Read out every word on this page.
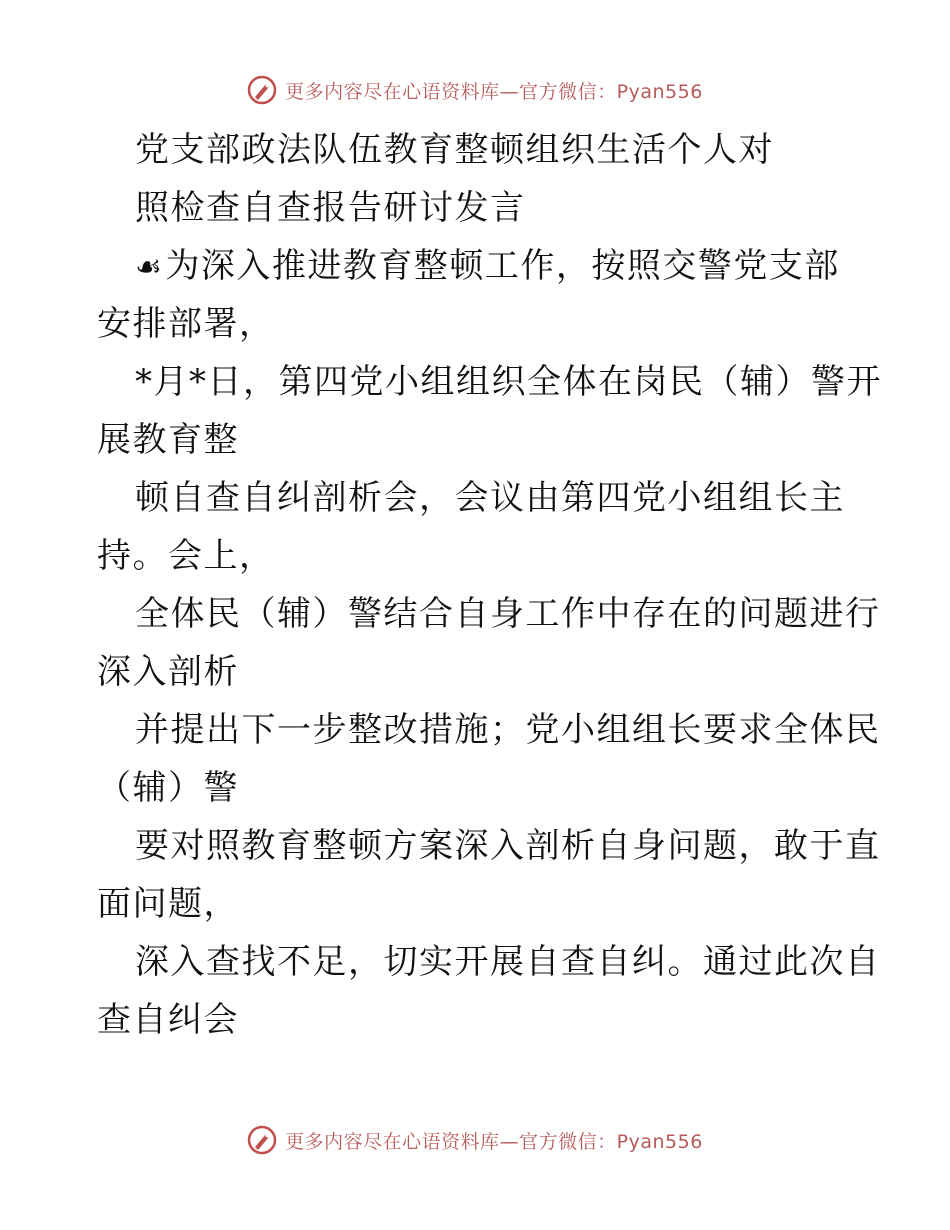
更多内容尽在心语资料库—官方微信：Pyan556
党支部政法队伍教育整顿组织生活个人对
照检查自查报告研讨发言
☙为深入推进教育整顿工作，按照交警党支部
安排部署，
*月*日，第四党小组组织全体在岗民（辅）警开
展教育整
顿自查自纠剖析会，会议由第四党小组组长主
持。会上，
全体民（辅）警结合自身工作中存在的问题进行
深入剖析
并提出下一步整改措施；党小组组长要求全体民
（辅）警
要对照教育整顿方案深入剖析自身问题，敢于直
面问题，
深入查找不足，切实开展自查自纠。通过此次自
查自纠会
更多内容尽在心语资料库—官方微信：Pyan556
